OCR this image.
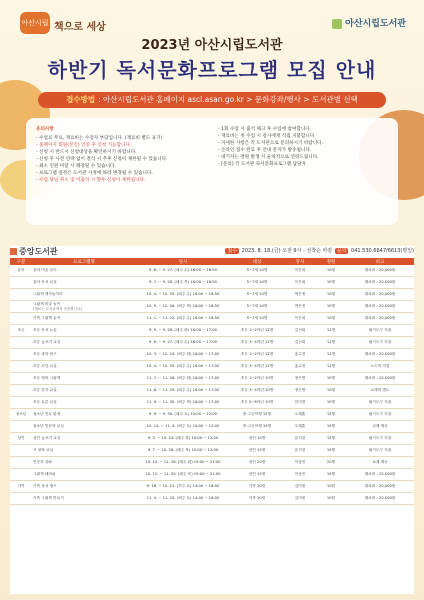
아산시립 책으로 세상	아산시립도서관
2023년 아산시립도서관
하반기 독서문화프로그램 모집 안내
접수방법 : 아산시립도서관 홈페이지 ascl.asan.go.kr > 문화강좌/행사 > 도서관별 선택
유의사항

- 수업료 무료, 재료비는 수강자 부담입니다. (재료비 별도 표기)

- 홈페이지 회원(본인) 인증 후 신청 가능합니다.

- 신청 시 반드시 신청대상을 확인하시기 바랍니다.

- 신청 후 사전 연락 없이 결석 시 추후 신청이 제한될 수 있습니다.

- 최소 인원 미달 시 폐강될 수 있습니다.

- 프로그램 일정은 도서관 사정에 따라 변경될 수 있습니다.

- 수업 당일 취소 및 미출석 시 향후 신청이 제한됩니다.

- 1회 수업 시 출석 체크 후 수업에 참여합니다.

- 재료비는 첫 수업 시 강사에게 직접 지불합니다.

- 자세한 사항은 각 도서관으로 문의하시기 바랍니다.

- 온라인 접수 완료 후 안내 문자가 발송됩니다.

- 대기자는 결원 발생 시 순차적으로 연락드립니다.

- [문의] 각 도서관 독서문화프로그램 담당자

중앙도서관	접수 2023. 8. 18.(금) 오전 9시 - 선착순 마감 문의 041.530.6647/6613(평일)
구분	프로그램명	일시	대상	강사	정원	비고
유아	유아 미술 놀이	9. 6. ~ 9. 27. (매주 수) 16:00 ~ 16:50	5~7세 10명	이은희	10명	재료비 : 20,000원
	유아 독서 교실	9. 7. ~ 9. 28. (매주 목) 16:00 ~ 16:50	5~7세 10명	이은희	10명	재료비 : 20,000원
	그림책 생각놀이터	10. 4. ~ 10. 25. (매주 수) 16:00 ~ 16:50	5~7세 10명	박은정	10명	재료비 : 20,000원
	그림책 미술 놀이
(재료는 도서관에서 준비합니다)	10. 5. ~ 10. 26. (매주 목) 16:00 ~ 16:50	5~7세 10명	박은정	10명	재료비 : 20,000원
	가족 그림책 놀이	11. 1. ~ 11. 22. (매주 수) 16:00 ~ 16:50	5~7세 10명	이은희	10명	재료비 : 20,000원
초등	초등 독서 논술	9. 5. ~ 9. 26. (매주 화) 16:00 ~ 17:00	초등 1~2학년 12명	김선희	12명	필기도구 지참
	초등 글쓰기 교실	9. 6. ~ 9. 27. (매주 수) 16:00 ~ 17:00	초등 3~4학년 12명	김선희	12명	필기도구 지참
	초등 과학 탐구	10. 3. ~ 10. 24. (매주 화) 16:00 ~ 17:00	초등 1~2학년 12명	홍수현	12명	재료비 : 20,000원
	초등 코딩 교실	10. 4. ~ 10. 25. (매주 수) 16:00 ~ 17:00	초등 3~4학년 12명	홍수현	12명	노트북 지참
	초등 영어 그림책	11. 7. ~ 11. 28. (매주 화) 16:00 ~ 17:00	초등 1~2학년 10명	정은영	10명	재료비 : 10,000원
	초등 한자 교실	11. 8. ~ 11. 29. (매주 수) 16:00 ~ 17:00	초등 3~4학년 10명	정은영	10명	교재비 별도
	초등 토론 교실	11. 9. ~ 11. 30. (매주 목) 16:00 ~ 17:00	초등 5~6학년 10명	한미경	10명	필기도구 지참
청소년	청소년 진로 탐색	9. 9. ~ 9. 30. (매주 토) 10:00 ~ 12:00	중·고등학생 15명	오재훈	15명	필기도구 지참
	청소년 인문학 교실	10. 14. ~ 11. 4. (매주 토) 10:00 ~ 12:00	중·고등학생 15명	오재훈	15명	교재 제공
성인	성인 글쓰기 교실	9. 5. ~ 10. 24. (매주 화) 10:00 ~ 12:00	성인 15명	유지현	15명	필기도구 지참
	시 창작 교실	9. 7. ~ 10. 26. (매주 목) 10:00 ~ 12:00	성인 15명	유지현	15명	필기도구 지참
	인문학 강좌	10. 10. ~ 11. 28. (매주 화) 19:00 ~ 21:00	성인 20명	이상민	20명	교재 제공
	그림책 테라피	10. 12. ~ 11. 30. (매주 목) 19:00 ~ 21:00	성인 15명	이상민	15명	재료비 : 15,000원
가족	가족 독서 캠프	9. 16. ~ 10. 21. (격주 토) 14:00 ~ 16:00	가족 10팀	김미정	10팀	재료비 : 20,000원
	가족 그림책 만들기	11. 4. ~ 11. 25. (매주 토) 14:00 ~ 16:00	가족 10팀	김미정	10팀	재료비 : 20,000원
